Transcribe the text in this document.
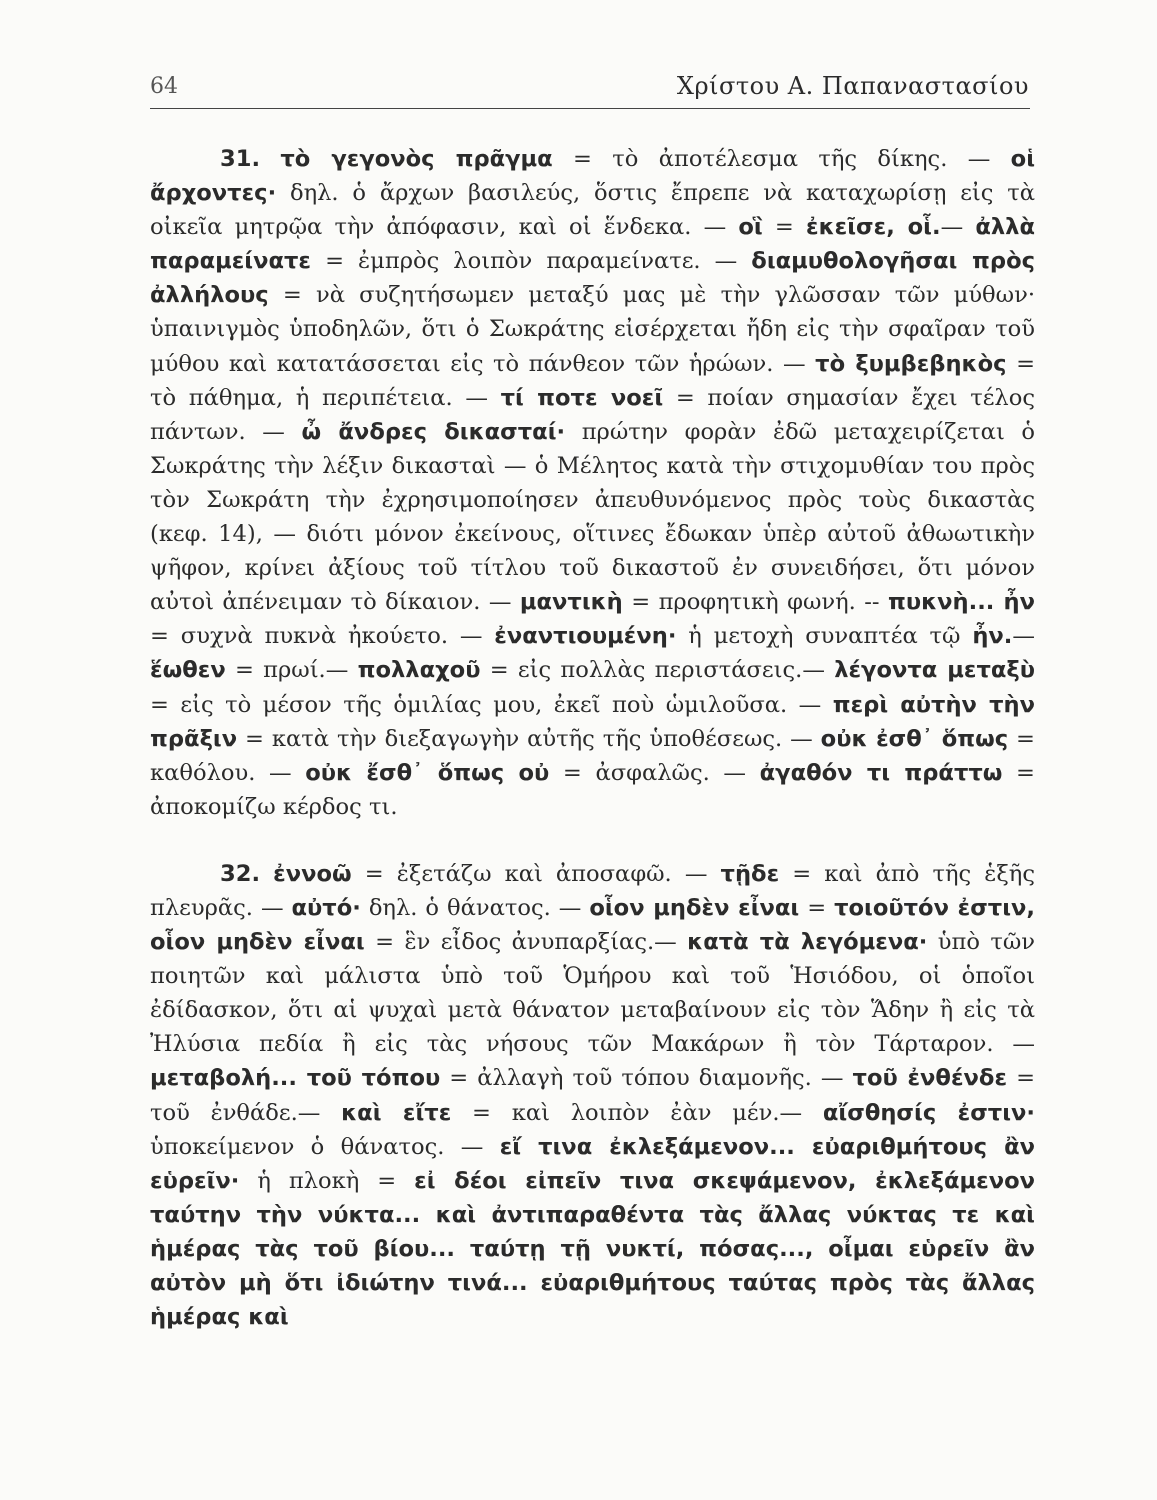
64	Χρίστου Α. Παπαναστασίου

31. τὸ γεγονὸς πρᾶγμα = τὸ ἀποτέλεσμα τῆς δίκης. — οἱ ἄρχοντες· δηλ. ὁ ἄρχων βασιλεύς, ὅστις ἔπρεπε νὰ καταχωρίσῃ εἰς τὰ οἰκεῖα μητρῷα τὴν ἀπόφασιν, καὶ οἱ ἕνδεκα. — οἳ = ἐκεῖσε, οἷ.— ἀλλὰ παραμείνατε = ἐμπρὸς λοιπὸν παραμείνατε. — διαμυθολογῆσαι πρὸς ἀλλήλους = νὰ συζητήσωμεν μεταξύ μας μὲ τὴν γλῶσσαν τῶν μύθων· ὑπαινιγμὸς ὑποδηλῶν, ὅτι ὁ Σωκράτης εἰσέρχεται ἤδη εἰς τὴν σφαῖραν τοῦ μύθου καὶ κατατάσσεται εἰς τὸ πάνθεον τῶν ἡρώων. — τὸ ξυμβεβηκὸς = τὸ πάθημα, ἡ περιπέτεια. — τί ποτε νοεῖ = ποίαν σημασίαν ἔχει τέλος πάντων. — ὦ ἄνδρες δικασταί· πρώτην φορὰν ἐδῶ μεταχειρίζεται ὁ Σωκράτης τὴν λέξιν δικασταὶ — ὁ Μέλητος κατὰ τὴν στιχομυθίαν του πρὸς τὸν Σωκράτη τὴν ἐχρησιμοποίησεν ἀπευθυνόμενος πρὸς τοὺς δικαστὰς (κεφ. 14), — διότι μόνον ἐκείνους, οἵτινες ἔδωκαν ὑπὲρ αὐτοῦ ἀθωωτικὴν ψῆφον, κρίνει ἀξίους τοῦ τίτλου τοῦ δικαστοῦ ἐν συνειδήσει, ὅτι μόνον αὐτοὶ ἀπένειμαν τὸ δίκαιον. — μαντικὴ = προφητικὴ φωνή. -- πυκνὴ... ἦν = συχνὰ πυκνὰ ἠκούετο. — ἐναντιουμένη· ἡ μετοχὴ συναπτέα τῷ ἦν.—ἕωθεν = πρωί.— πολλαχοῦ = εἰς πολλὰς περιστάσεις.— λέγοντα μεταξὺ = εἰς τὸ μέσον τῆς ὁμιλίας μου, ἐκεῖ ποὺ ὡμιλοῦσα. — περὶ αὐτὴν τὴν πρᾶξιν = κατὰ τὴν διεξαγωγὴν αὐτῆς τῆς ὑποθέσεως. — οὐκ ἐσθ᾽ ὅπως = καθόλου. — οὐκ ἔσθ᾽ ὅπως οὐ = ἀσφαλῶς. — ἀγαθόν τι πράττω = ἀποκομίζω κέρδος τι.

32. ἐννοῶ = ἐξετάζω καὶ ἀποσαφῶ. — τῇδε = καὶ ἀπὸ τῆς ἑξῆς πλευρᾶς. — αὐτό· δηλ. ὁ θάνατος. — οἷον μηδὲν εἶναι = τοιοῦτόν ἐστιν, οἷον μηδὲν εἶναι = ἓν εἶδος ἀνυπαρξίας.— κατὰ τὰ λεγόμενα· ὑπὸ τῶν ποιητῶν καὶ μάλιστα ὑπὸ τοῦ Ὁμήρου καὶ τοῦ Ἡσιόδου, οἱ ὁποῖοι ἐδίδασκον, ὅτι αἱ ψυχαὶ μετὰ θάνατον μεταβαίνουν εἰς τὸν Ἅδην ἢ εἰς τὰ Ἠλύσια πεδία ἢ εἰς τὰς νήσους τῶν Μακάρων ἢ τὸν Τάρταρον. — μεταβολή... τοῦ τόπου = ἀλλαγὴ τοῦ τόπου διαμονῆς. — τοῦ ἐνθένδε = τοῦ ἐνθάδε.— καὶ εἴτε = καὶ λοιπὸν ἐὰν μέν.— αἴσθησίς ἐστιν· ὑποκείμενον ὁ θάνατος. — εἴ τινα ἐκλεξάμενον... εὐαριθμήτους ἂν εὑρεῖν· ἡ πλοκὴ = εἰ δέοι εἰπεῖν τινα σκεψάμενον, ἐκλεξάμενον ταύτην τὴν νύκτα... καὶ ἀντιπαραθέντα τὰς ἄλλας νύκτας τε καὶ ἡμέρας τὰς τοῦ βίου... ταύτῃ τῇ νυκτί, πόσας..., οἶμαι εὑρεῖν ἂν αὐτὸν μὴ ὅτι ἰδιώτην τινά... εὐαριθμήτους ταύτας πρὸς τὰς ἄλλας ἡμέρας καὶ
